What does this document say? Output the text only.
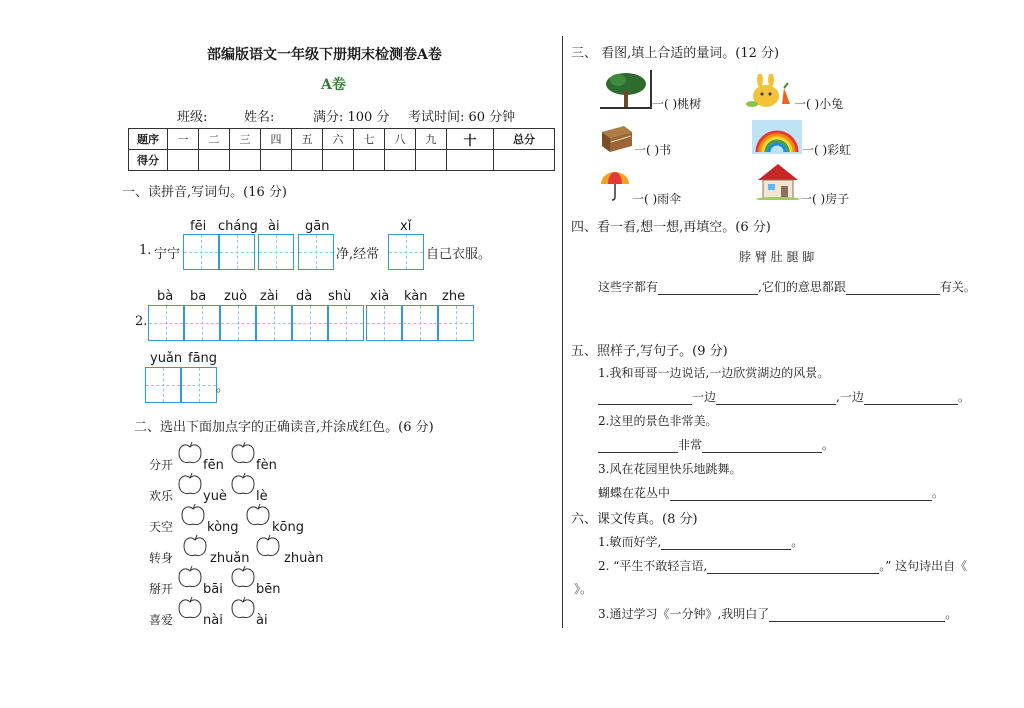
部编版语文一年级下册期末检测卷A卷
A卷
班级:	姓名:	满分: 100 分 考试时间: 60 分钟
题序	一	二	三	四	五	六	七	八	九	十	总分
得分											
一、读拼音,写词句。(16 分)
fēi cháng ài gān	xǐ
1. 宁宁	净,经常	自己衣服。
bà ba zuò zài dà shù xià kàn zhe
2.
yuǎn fāng
。
二、选出下面加点字的正确读音,并涂成红色。(6 分)
分开 fēn fèn
欢乐 yuè lè
天空	kòng	kōng
转身	zhuǎn	zhuàn
掰开 bāi	bēn
喜爱 nài	ài
三、 看图,填上合适的量词。(12 分)
一( )桃树	一( )小兔
一( )书	一( )彩虹
一( )雨伞	一( )房子
四、看一看,想一想,再填空。(6 分)
脖 臂 肚 腿 脚
这些字都有	,它们的意思都跟	有关。
五、照样子,写句子。(9 分)
1.我和哥哥一边说话,一边欣赏湖边的风景。
一边	,一边	。
2.这里的景色非常美。
非常	。
3.风在花园里快乐地跳舞。
蝴蝶在花丛中	。
六、课文传真。(8 分)
1.敏而好学,	。
2. “平生不敢轻言语,	。” 这句诗出自《
》。
3.通过学习《一分钟》,我明白了	。
